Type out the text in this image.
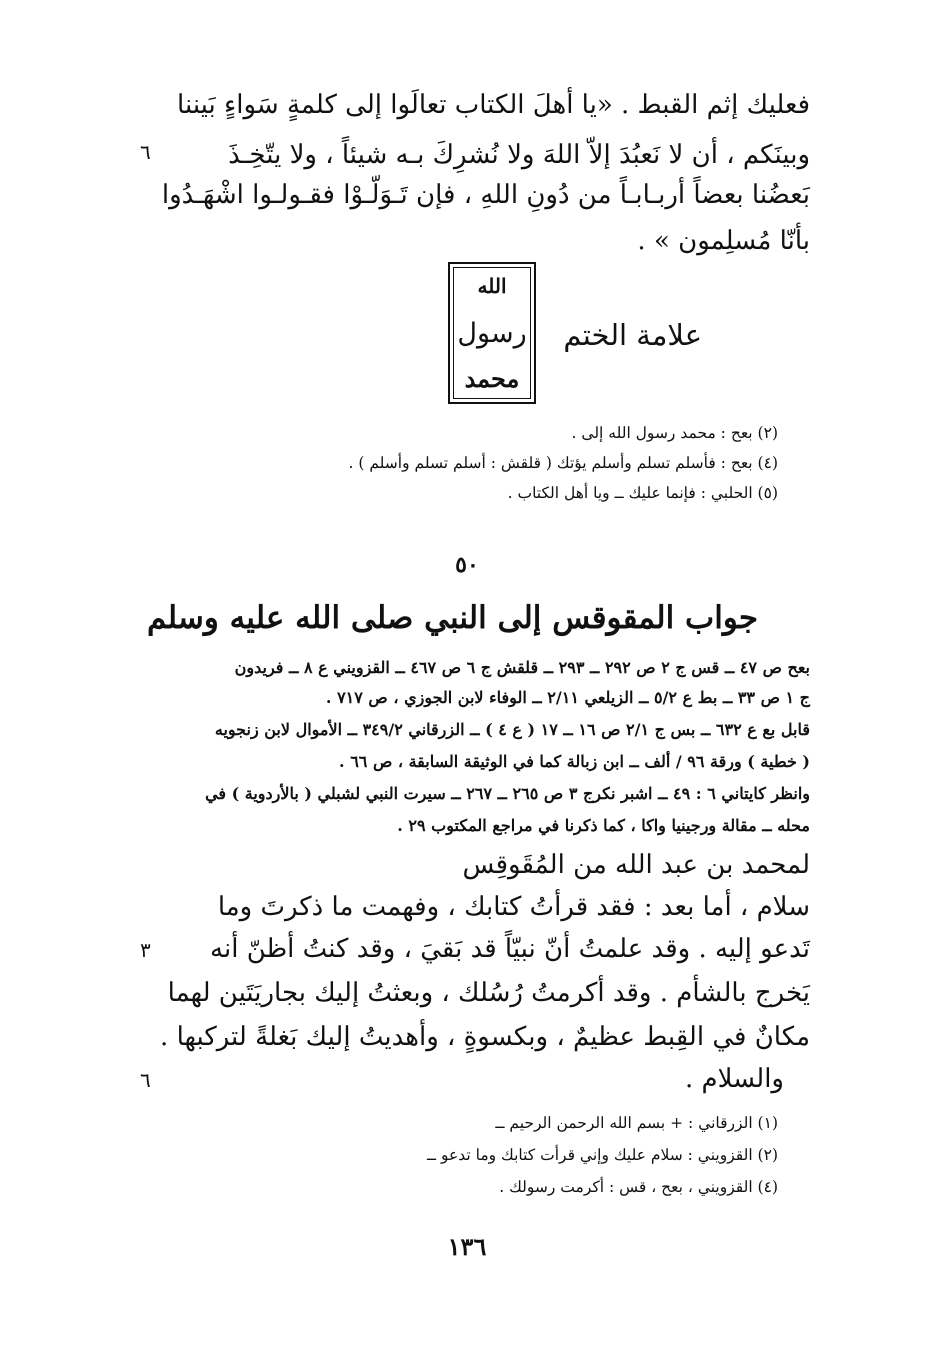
فعليك إثم القبط . «يا أهلَ الكتاب تعالَوا إلى كلمةٍ سَواءٍ بَيننا
وبينَكم ، أن لا نَعبُدَ إلاّ اللهَ ولا نُشرِكَ بـه شيئاً ، ولا يتّخِـذَ
بَعضُنا بعضاً أربـابـاً من دُونِ اللهِ ، فإن تَـوَلّـوْا فقـولـوا اشْهَـدُوا
بأنّا مُسلِمون » .
٦
علامة الختم
الله
رسول
محمد
(٢) بعح : محمد رسول الله إلى .
(٤) بعح : فأسلم تسلم وأسلم يؤتك ( قلقش : أسلم تسلم وأسلم ) .
(٥) الحلبي : فإنما عليك ــ ويا أهل الكتاب .
٥٠
جواب المقوقس إلى النبي صلى الله عليه وسلم
بعح ص ٤٧ ــ قس ج ٢ ص ٢٩٢ ــ ٢٩٣ ــ قلقش ج ٦ ص ٤٦٧ ــ القزويني ع ٨ ــ فريدون
ج ١ ص ٣٣ ــ بط ع ٥/٢ ــ الزيلعي ٢/١١ ــ الوفاء لابن الجوزي ، ص ٧١٧ .
قابل بع ع ٦٣٢ ــ بس ج ٢/١ ص ١٦ ــ ١٧ ( ع ٤ ) ــ الزرقاني ٣٤٩/٢ ــ الأموال لابن زنجويه
( خطية ) ورقة ٩٦ / ألف ــ ابن زبالة كما في الوثيقة السابقة ، ص ٦٦ .
وانظر كايتاني ٦ : ٤٩ ــ اشبر نكرج ٣ ص ٢٦٥ ــ ٢٦٧ ــ سيرت النبي لشبلي ( بالأردوية ) في
محله ــ مقالة ورجينيا واكا ، كما ذكرنا في مراجع المكتوب ٢٩ .
لمحمد بن عبد الله من المُقَوقِس
سلام ، أما بعد : فقد قرأتُ كتابك ، وفهمت ما ذكرتَ وما
تَدعو إليه . وقد علمتُ أنّ نبيّاً قد بَقيَ ، وقد كنتُ أظنّ أنه
يَخرج بالشأم . وقد أكرمتُ رُسُلك ، وبعثتُ إليك بجاريَتَين لهما
مكانٌ في القِبط عظيمٌ ، وبكسوةٍ ، وأهديتُ إليك بَغلةً لتركبها .
والسلام .
٣
٦
(١) الزرقاني : + بسم الله الرحمن الرحيم ــ
(٢) القزويني : سلام عليك وإني قرأت كتابك وما تدعو ــ
(٤) القزويني ، بعح ، قس : أكرمت رسولك .
١٣٦
